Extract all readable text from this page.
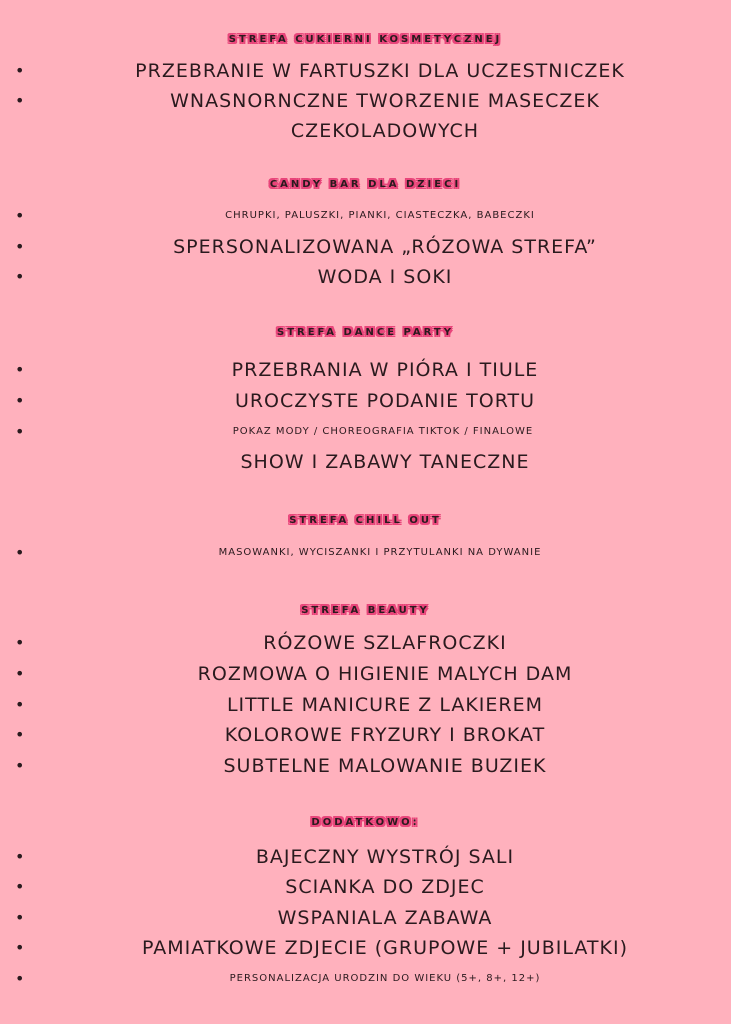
STREFA CUKIERNI KOSMETYCZNEJ
•	PRZEBRANIE W FARTUSZKI DLA UCZESTNICZEK
•	WNASNORNCZNE TWORZENIE MASECZEK
CZEKOLADOWYCH
CANDY BAR DLA DZIECI
•	CHRUPKI, PALUSZKI, PIANKI, CIASTECZKA, BABECZKI
•	SPERSONALIZOWANA „RÓZOWA STREFA”
•	WODA I SOKI
STREFA DANCE PARTY
•	PRZEBRANIA W PIÓRA I TIULE
•	UROCZYSTE PODANIE TORTU
•	POKAZ MODY / CHOREOGRAFIA TIKTOK / FINALOWE
SHOW I ZABAWY TANECZNE
STREFA CHILL OUT
•	MASOWANKI, WYCISZANKI I PRZYTULANKI NA DYWANIE
STREFA BEAUTY
•	RÓZOWE SZLAFROCZKI
•	ROZMOWA O HIGIENIE MALYCH DAM
•	LITTLE MANICURE Z LAKIEREM
•	KOLOROWE FRYZURY I BROKAT
•	SUBTELNE MALOWANIE BUZIEK
DODATKOWO:
•	BAJECZNY WYSTRÓJ SALI
•	SCIANKA DO ZDJEC
•	WSPANIALA ZABAWA
•	PAMIATKOWE ZDJECIE (GRUPOWE + JUBILATKI)
•	PERSONALIZACJA URODZIN DO WIEKU (5+, 8+, 12+)
